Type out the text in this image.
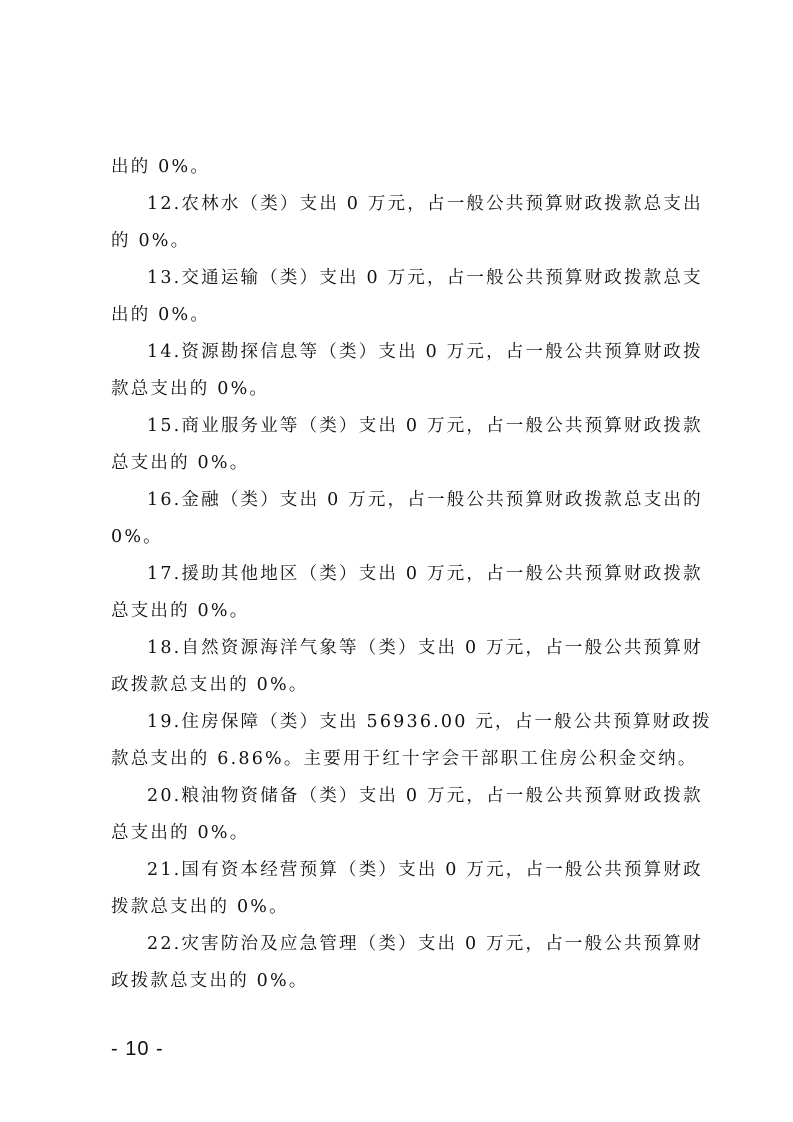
出的 0%。
12.农林水（类）支出 0 万元，占一般公共预算财政拨款总支出
的 0%。
13.交通运输（类）支出 0 万元，占一般公共预算财政拨款总支
出的 0%。
14.资源勘探信息等（类）支出 0 万元，占一般公共预算财政拨
款总支出的 0%。
15.商业服务业等（类）支出 0 万元，占一般公共预算财政拨款
总支出的 0%。
16.金融（类）支出 0 万元，占一般公共预算财政拨款总支出的
0%。
17.援助其他地区（类）支出 0 万元，占一般公共预算财政拨款
总支出的 0%。
18.自然资源海洋气象等（类）支出 0 万元，占一般公共预算财
政拨款总支出的 0%。
19.住房保障（类）支出 56936.00 元，占一般公共预算财政拨
款总支出的 6.86%。主要用于红十字会干部职工住房公积金交纳。
20.粮油物资储备（类）支出 0 万元，占一般公共预算财政拨款
总支出的 0%。
21.国有资本经营预算（类）支出 0 万元，占一般公共预算财政
拨款总支出的 0%。
22.灾害防治及应急管理（类）支出 0 万元，占一般公共预算财
政拨款总支出的 0%。
- 10 -
